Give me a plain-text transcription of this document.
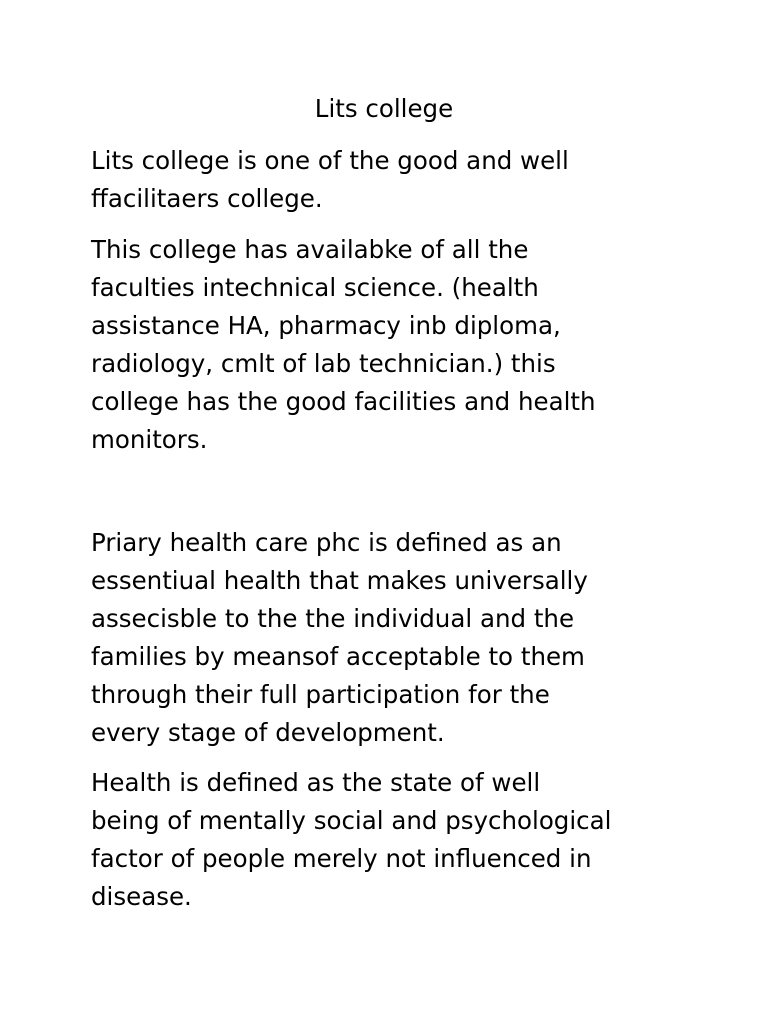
Lits college

Lits college is one of the good and well
ffacilitaers college.

This college has availabke of all the
faculties intechnical science. (health
assistance HA, pharmacy inb diploma,
radiology, cmlt of lab technician.) this
college has the good facilities and health
monitors.

Priary health care phc is defined as an
essentiual health that makes universally
assecisble to the the individual and the
families by meansof acceptable to them
through their full participation for the
every stage of development.

Health is defined as the state of well
being of mentally social and psychological
factor of people merely not influenced in
disease.
